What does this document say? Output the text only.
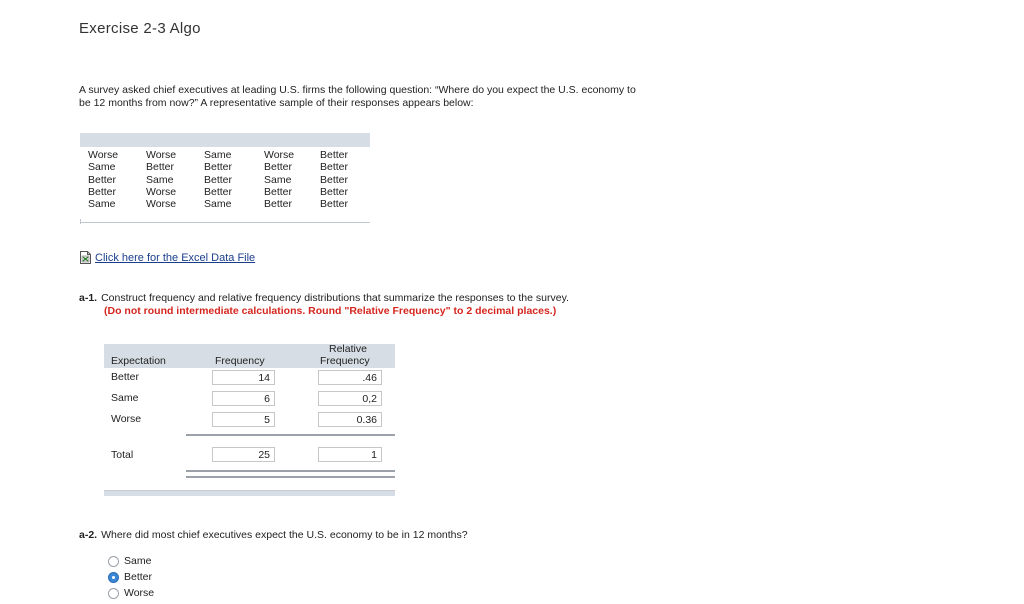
Exercise 2-3 Algo
A survey asked chief executives at leading U.S. firms the following question: “Where do you expect the U.S. economy to be 12 months from now?” A representative sample of their responses appears below:
Worse	Worse	Same	Worse	Better
Same	Better	Better	Better	Better
Better	Same	Better	Same	Better
Better	Worse	Better	Better	Better
Same	Worse	Same	Better	Better
Click here for the Excel Data File
a-1. Construct frequency and relative frequency distributions that summarize the responses to the survey.
(Do not round intermediate calculations. Round "Relative Frequency" to 2 decimal places.)
Expectation	Frequency
Relative
Frequency
Better	14	.46
Same	6	0,2
Worse	5	0.36
Total	25	1
a-2. Where did most chief executives expect the U.S. economy to be in 12 months?
Same
Better
Worse
